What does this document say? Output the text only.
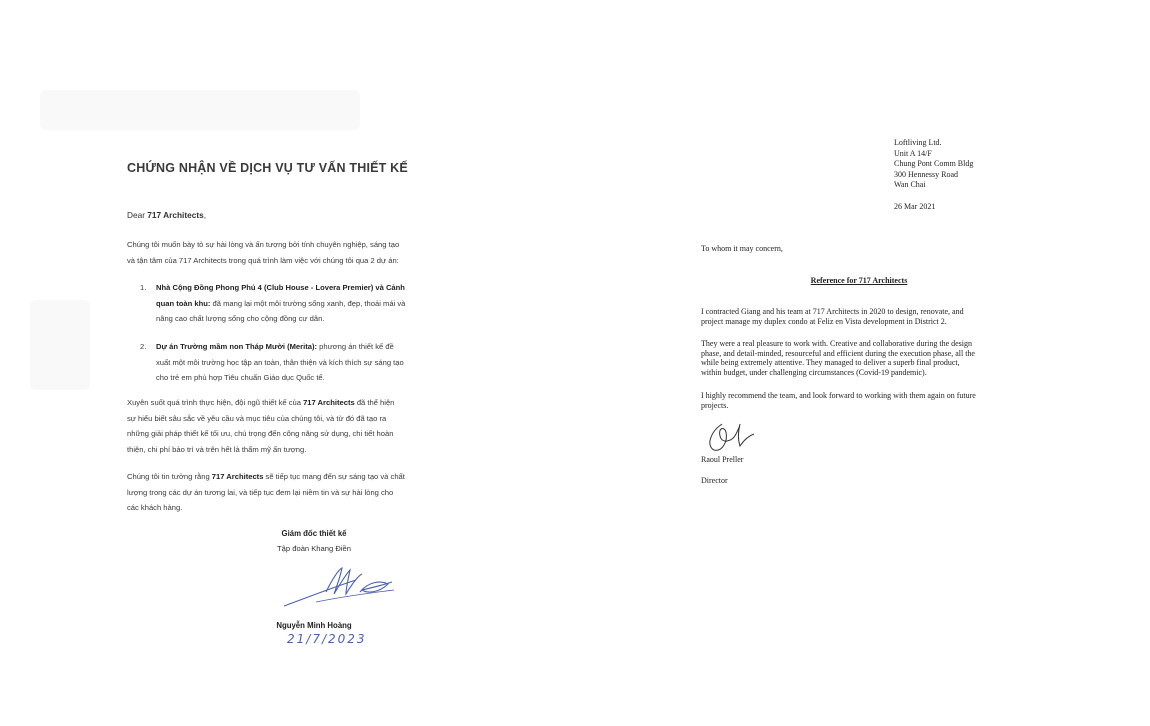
CHỨNG NHẬN VỀ DỊCH VỤ TƯ VẤN THIẾT KẾ
Dear 717 Architects,

Chúng tôi muốn bày tỏ sự hài lòng và ấn tượng bởi tính chuyên nghiệp, sáng tạo
và tận tâm của 717 Architects trong quá trình làm việc với chúng tôi qua 2 dự án:

1. Nhà Cộng Đồng Phong Phú 4 (Club House - Lovera Premier) và Cảnh
quan toàn khu: đã mang lại một môi trường sống xanh, đẹp, thoải mái và
nâng cao chất lượng sống cho cộng đồng cư dân.
2. Dự án Trường mầm non Tháp Mười (Merita): phương án thiết kế đề
xuất một môi trường học tập an toàn, thân thiện và kích thích sự sáng tạo
cho trẻ em phù hợp Tiêu chuẩn Giáo dục Quốc tế.

Xuyên suốt quá trình thực hiện, đội ngũ thiết kế của 717 Architects đã thể hiện
sự hiểu biết sâu sắc về yêu cầu và mục tiêu của chúng tôi, và từ đó đã tạo ra
những giải pháp thiết kế tối ưu, chú trọng đến công năng sử dụng, chi tiết hoàn
thiện, chi phí bảo trì và trên hết là thẩm mỹ ấn tượng.

Chúng tôi tin tưởng rằng 717 Architects sẽ tiếp tục mang đến sự sáng tạo và chất
lượng trong các dự án tương lai, và tiếp tục đem lại niềm tin và sự hài lòng cho
các khách hàng.

Giám đốc thiết kế
Tập đoàn Khang Điền
Nguyễn Minh Hoàng
21/7/2023
Loftliving Ltd.
Unit A 14/F
Chung Pont Comm Bldg
300 Hennessy Road
Wan Chai
26 Mar 2021
To whom it may concern,
Reference for 717 Architects

I contracted Giang and his team at 717 Architects in 2020 to design, renovate, and
project manage my duplex condo at Feliz en Vista development in District 2.

They were a real pleasure to work with. Creative and collaborative during the design
phase, and detail-minded, resourceful and efficient during the execution phase, all the
while being extremely attentive. They managed to deliver a superb final product,
within budget, under challenging circumstances (Covid-19 pandemic).

I highly recommend the team, and look forward to working with them again on future
projects.

Raoul Preller
Director
